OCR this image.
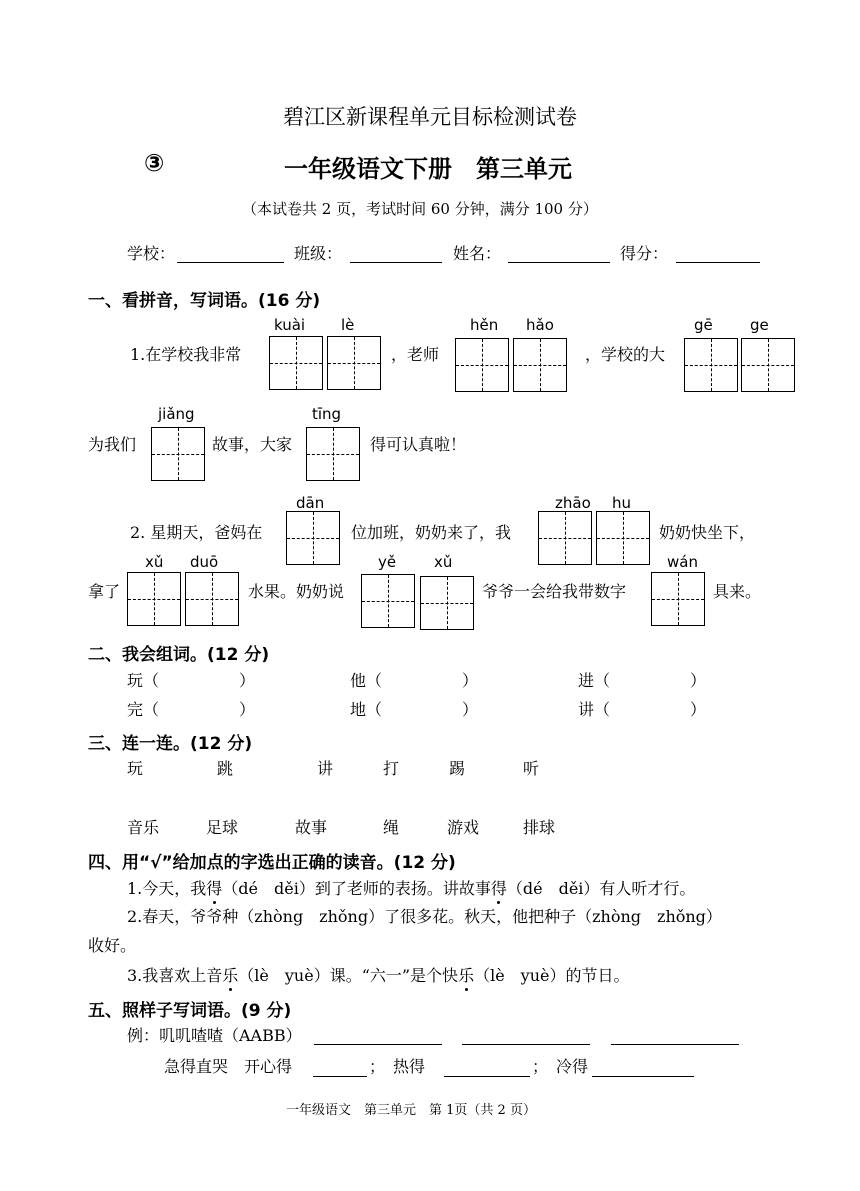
碧江区新课程单元目标检测试卷
③	一年级语文下册　第三单元
（本试卷共 2 页，考试时间 60 分钟，满分 100 分）
学校：	班级：	姓名：	得分：
一、看拼音，写词语。(16 分)
kuài lè	hěn hǎo	gē ge
1.在学校我非常	，老师	，学校的大
jiǎng	tīng
为我们	故事，大家	得可认真啦！
dān	zhāo hu
2. 星期天，爸妈在	位加班，奶奶来了，我	奶奶快坐下，
xǔ duō	yě	xǔ	wán
拿了	水果。奶奶说	爷爷一会给我带数字	具来。
二、我会组词。(12 分)
玩（　　　　　）	他（　　　　　）	进（　　　　　）
完（　　　　　）	地（　　　　　）	讲（　　　　　）
三、连一连。(12 分)
玩	跳	讲	打	踢	听
音乐	足球	故事	绳	游戏	排球
四、用“√”给加点的字选出正确的读音。(12 分)
1.今天，我得（dé　děi）到了老师的表扬。讲故事得（dé　děi）有人听才行。
2.春天，爷爷种（zhòng　zhǒng）了很多花。秋天，他把种子（zhòng　zhǒng）
收好。
3.我喜欢上音乐（lè　yuè）课。“六一”是个快乐（lè　yuè）的节日。
五、照样子写词语。(9 分)
例：叽叽喳喳（AABB）
急得直哭　开心得	；　热得	；　冷得
一年级语文　第三单元　第 1页（共 2 页）
